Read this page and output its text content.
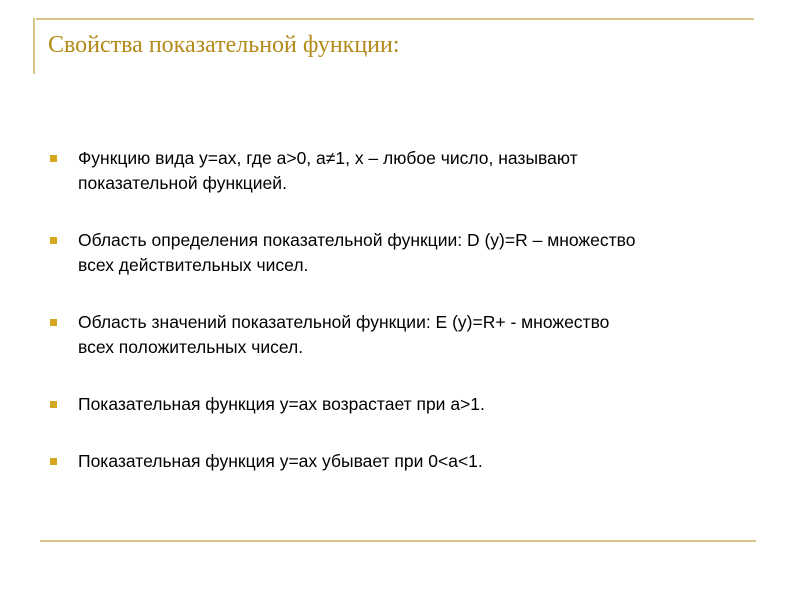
Свойства показательной функции:
Функцию вида y=ax, где a>0, a≠1, x – любое число, называют показательной функцией.
Область определения показательной функции: D (y)=R – множество всех действительных чисел.
Область значений показательной функции: E (y)=R+ - множество всех положительных чисел.
Показательная функция y=ax возрастает при a>1.
Показательная функция y=ax убывает при 0<a<1.
